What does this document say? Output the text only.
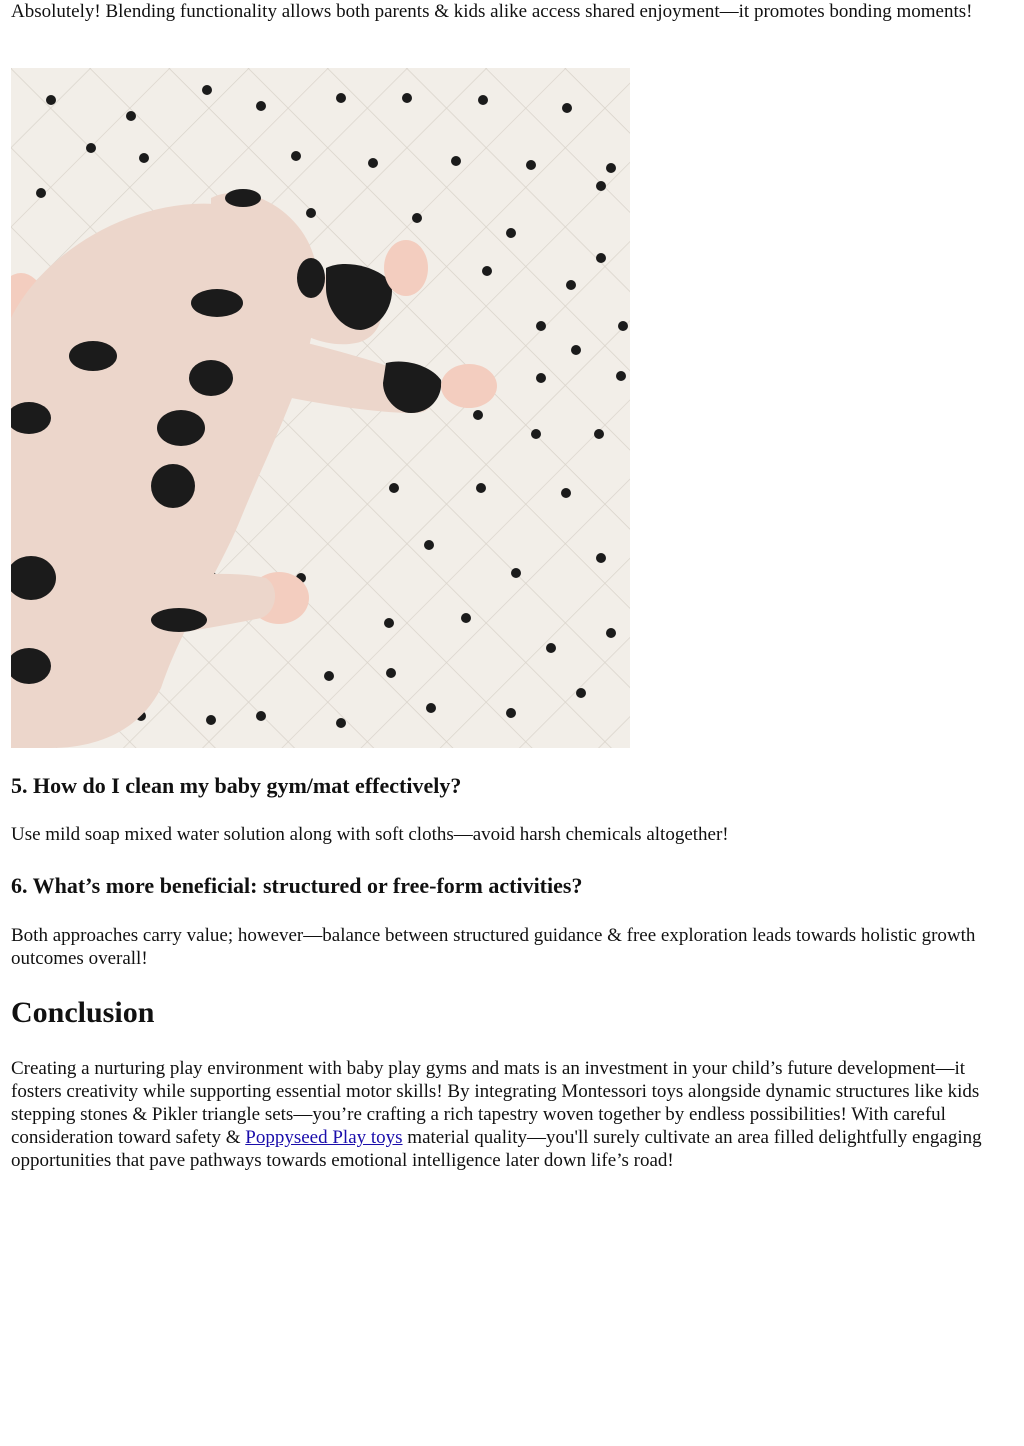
Absolutely! Blending functionality allows both parents & kids alike access shared enjoyment—it promotes bonding moments!

5. How do I clean my baby gym/mat effectively?

Use mild soap mixed water solution along with soft cloths—avoid harsh chemicals altogether!

6. What’s more beneficial: structured or free-form activities?

Both approaches carry value; however—balance between structured guidance & free exploration leads towards holistic growth outcomes overall!

Conclusion

Creating a nurturing play environment with baby play gyms and mats is an investment in your child’s future development—it fosters creativity while supporting essential motor skills! By integrating Montessori toys alongside dynamic structures like kids stepping stones & Pikler triangle sets—you’re crafting a rich tapestry woven together by endless possibilities! With careful consideration toward safety & Poppyseed Play toys material quality—you'll surely cultivate an area filled delightfully engaging opportunities that pave pathways towards emotional intelligence later down life’s road!
